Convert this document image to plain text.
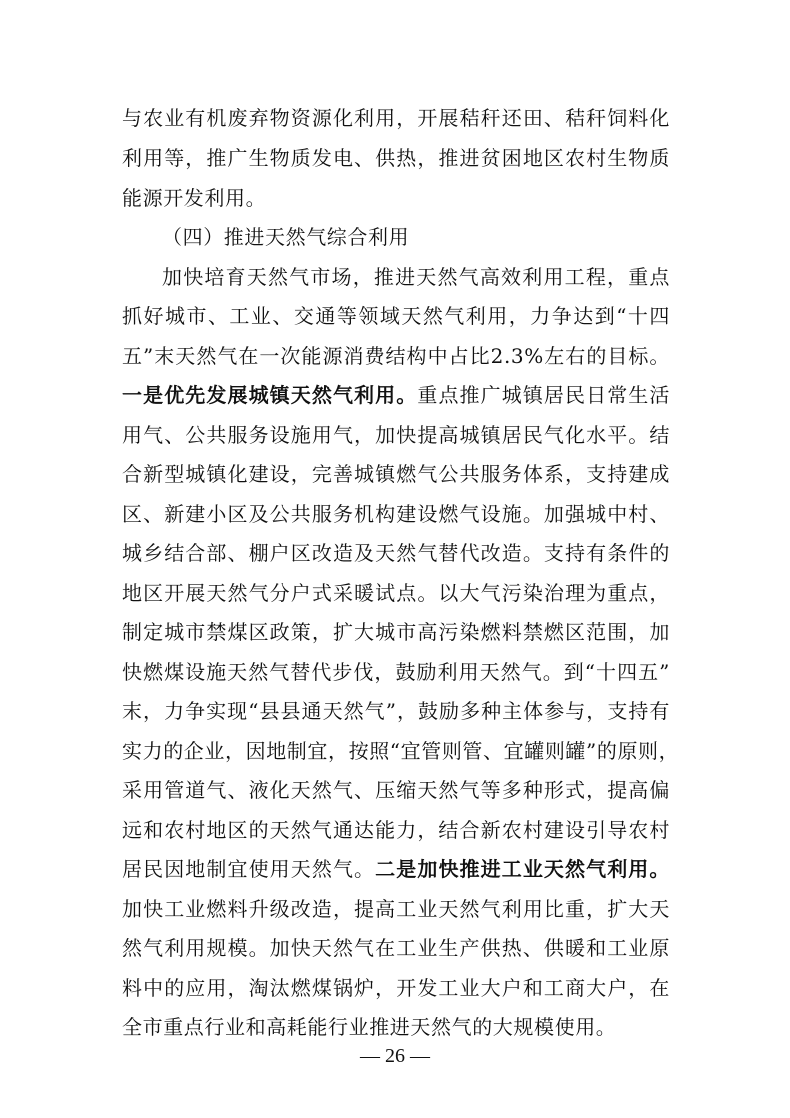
与农业有机废弃物资源化利用，开展秸秆还田、秸秆饲料化
利用等，推广生物质发电、供热，推进贫困地区农村生物质
能源开发利用。
（四）推进天然气综合利用
加快培育天然气市场，推进天然气高效利用工程，重点
抓好城市、工业、交通等领域天然气利用，力争达到“十四
五”末天然气在一次能源消费结构中占比2.3%左右的目标。
一是优先发展城镇天然气利用。重点推广城镇居民日常生活
用气、公共服务设施用气，加快提高城镇居民气化水平。结
合新型城镇化建设，完善城镇燃气公共服务体系，支持建成
区、新建小区及公共服务机构建设燃气设施。加强城中村、
城乡结合部、棚户区改造及天然气替代改造。支持有条件的
地区开展天然气分户式采暖试点。以大气污染治理为重点，
制定城市禁煤区政策，扩大城市高污染燃料禁燃区范围，加
快燃煤设施天然气替代步伐，鼓励利用天然气。到“十四五”
末，力争实现“县县通天然气”，鼓励多种主体参与，支持有
实力的企业，因地制宜，按照“宜管则管、宜罐则罐”的原则，
采用管道气、液化天然气、压缩天然气等多种形式，提高偏
远和农村地区的天然气通达能力，结合新农村建设引导农村
居民因地制宜使用天然气。二是加快推进工业天然气利用。
加快工业燃料升级改造，提高工业天然气利用比重，扩大天
然气利用规模。加快天然气在工业生产供热、供暖和工业原
料中的应用，淘汰燃煤锅炉，开发工业大户和工商大户，在
全市重点行业和高耗能行业推进天然气的大规模使用。
— 26 —
